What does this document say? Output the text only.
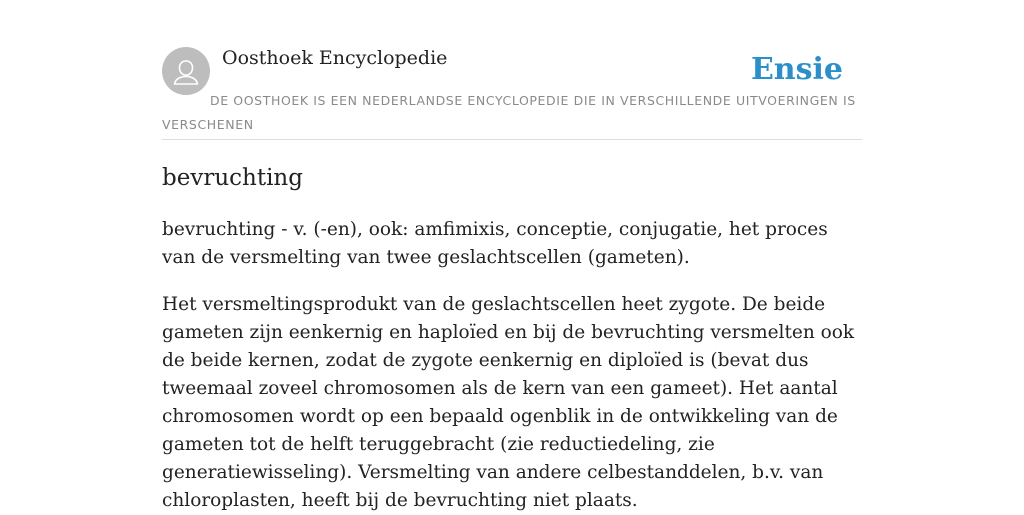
Oosthoek Encyclopedie	Ensie
DE OOSTHOEK IS EEN NEDERLANDSE ENCYCLOPEDIE DIE IN VERSCHILLENDE UITVOERINGEN IS VERSCHENEN
bevruchting

bevruchting - v. (-en), ook: amfimixis, conceptie, conjugatie, het proces van de versmelting van twee geslachtscellen (gameten).

Het versmeltingsprodukt van de geslachtscellen heet zygote. De beide gameten zijn eenkernig en haploïed en bij de bevruchting versmelten ook de beide kernen, zodat de zygote eenkernig en diploïed is (bevat dus tweemaal zoveel chromosomen als de kern van een gameet). Het aantal chromosomen wordt op een bepaald ogenblik in de ontwikkeling van de gameten tot de helft teruggebracht (zie reductiedeling, zie generatiewisseling). Versmelting van andere celbestanddelen, b.v. van chloroplasten, heeft bij de bevruchting niet plaats.
